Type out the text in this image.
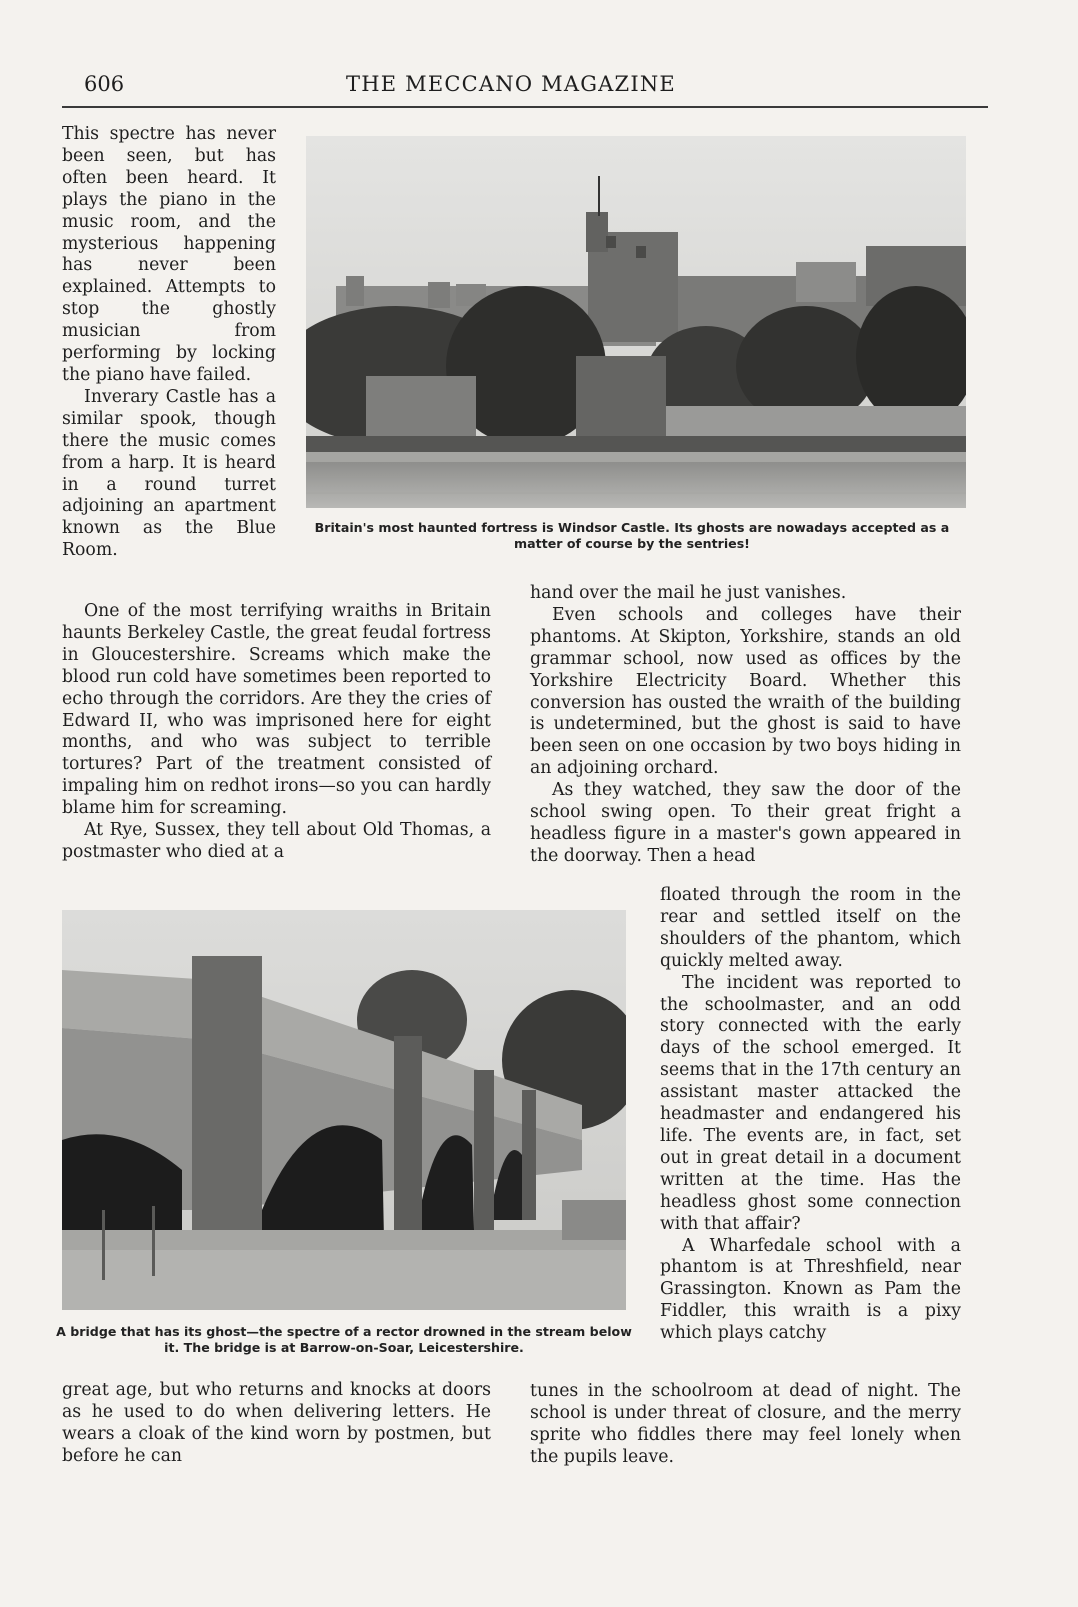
606	THE MECCANO MAGAZINE

This spectre has never been seen, but has often been heard. It plays the piano in the music room, and the mysterious happening has never been explained. Attempts to stop the ghostly musician from performing by locking the piano have failed.

Inverary Castle has a similar spook, though there the music comes from a harp. It is heard in a round turret adjoining an apartment known as the Blue Room.

Britain's most haunted fortress is Windsor Castle. Its ghosts are nowadays accepted as a matter of course by the sentries!

One of the most terrifying wraiths in Britain haunts Berkeley Castle, the great feudal fortress in Gloucestershire. Screams which make the blood run cold have sometimes been reported to echo through the corridors. Are they the cries of Edward II, who was imprisoned here for eight months, and who was subject to terrible tortures? Part of the treatment consisted of impaling him on redhot irons—so you can hardly blame him for screaming.

At Rye, Sussex, they tell about Old Thomas, a postmaster who died at a

hand over the mail he just vanishes.

Even schools and colleges have their phantoms. At Skipton, Yorkshire, stands an old grammar school, now used as offices by the Yorkshire Electricity Board. Whether this conversion has ousted the wraith of the building is undetermined, but the ghost is said to have been seen on one occasion by two boys hiding in an adjoining orchard.

As they watched, they saw the door of the school swing open. To their great fright a headless figure in a master's gown appeared in the doorway. Then a head

A bridge that has its ghost—the spectre of a rector drowned in the stream below it. The bridge is at Barrow-on-Soar, Leicestershire.

floated through the room in the rear and settled itself on the shoulders of the phantom, which quickly melted away.

The incident was reported to the schoolmaster, and an odd story connected with the early days of the school emerged. It seems that in the 17th century an assistant master attacked the headmaster and endangered his life. The events are, in fact, set out in great detail in a document written at the time. Has the headless ghost some connection with that affair?

A Wharfedale school with a phantom is at Threshfield, near Grassington. Known as Pam the Fiddler, this wraith is a pixy which plays catchy

great age, but who returns and knocks at doors as he used to do when delivering letters. He wears a cloak of the kind worn by postmen, but before he can

tunes in the schoolroom at dead of night. The school is under threat of closure, and the merry sprite who fiddles there may feel lonely when the pupils leave.
